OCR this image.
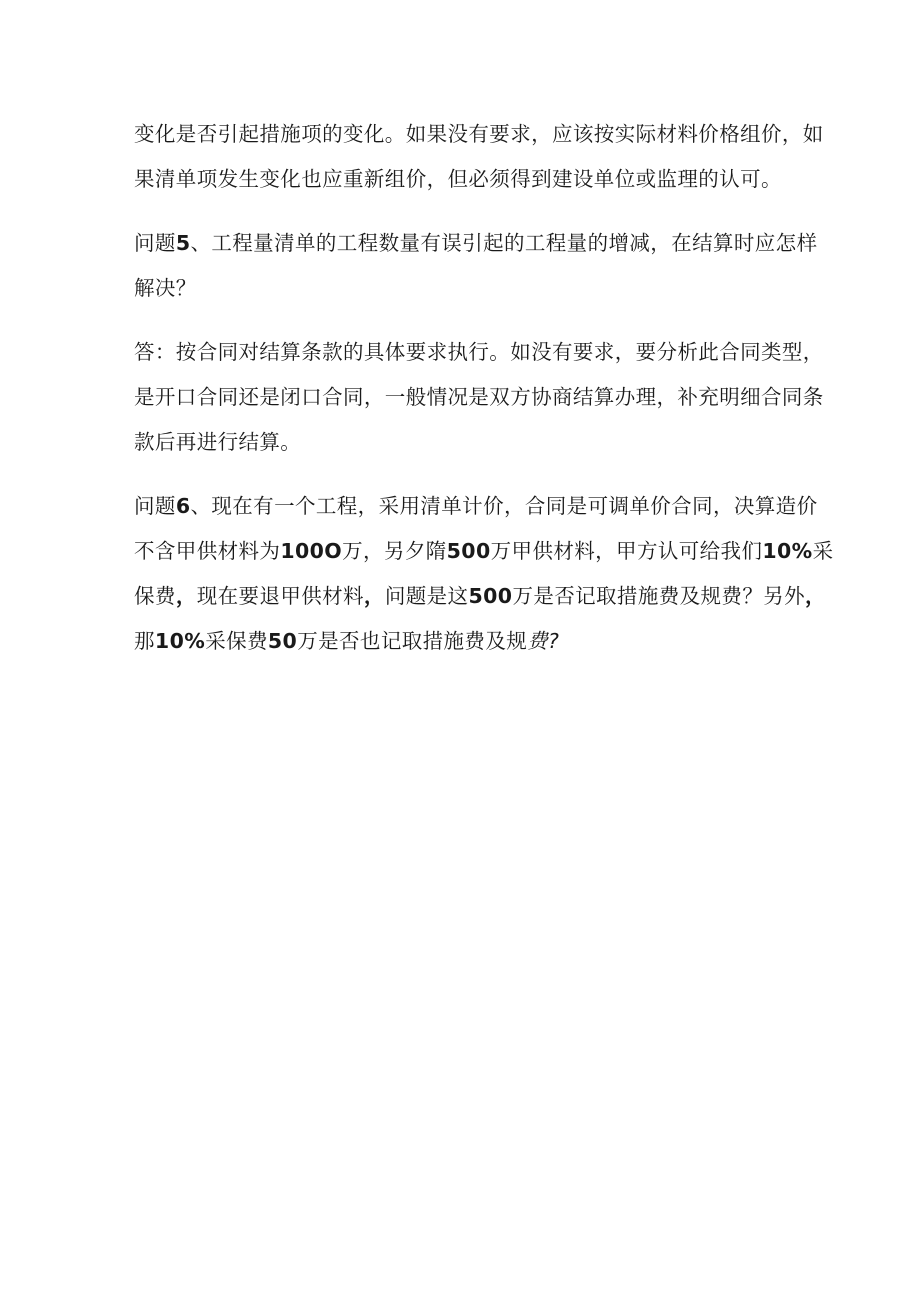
变化是否引起措施项的变化。如果没有要求，应该按实际材料价格组价，如
果清单项发生变化也应重新组价，但必须得到建设单位或监理的认可。

问题5、工程量清单的工程数量有误引起的工程量的增减，在结算时应怎样
解决？

答：按合同对结算条款的具体要求执行。如没有要求，要分析此合同类型，
是开口合同还是闭口合同，一般情况是双方协商结算办理，补充明细合同条
款后再进行结算。

问题6、现在有一个工程，采用清单计价，合同是可调单价合同，决算造价
不含甲供材料为100O万，另夕隋500万甲供材料，甲方认可给我们10%采
保费，现在要退甲供材料，问题是这500万是否记取措施费及规费？另外，
那10%采保费50万是否也记取措施费及规费?
